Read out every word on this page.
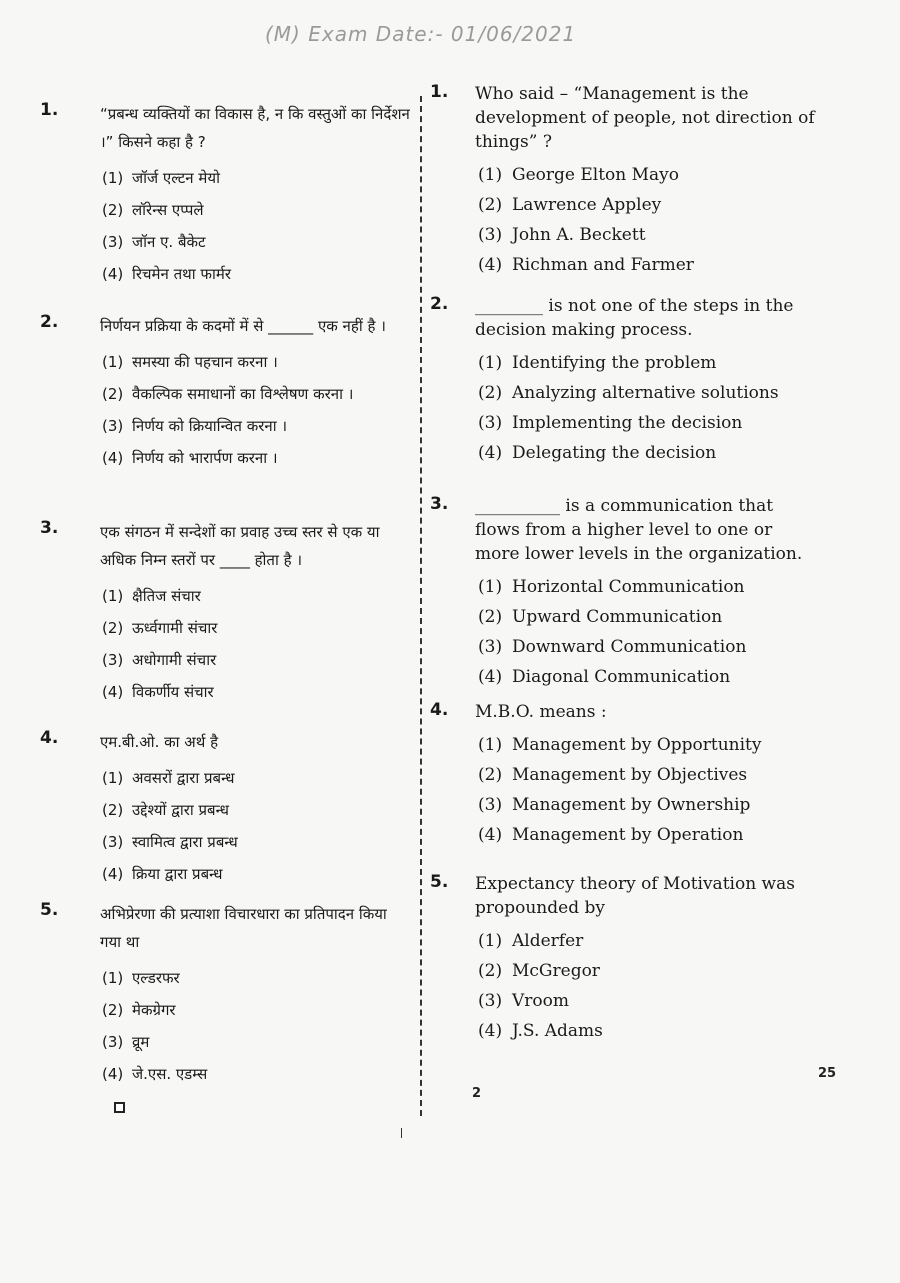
(M) Exam Date:- 01/06/2021
1.	“प्रबन्ध व्यक्तियों का विकास है, न कि वस्तुओं का निर्देशन ।” किसने कहा है ?
(1) जॉर्ज एल्टन मेयो
(2) लॉरेन्स एप्पले
(3) जॉन ए. बैकेट
(4) रिचमेन तथा फार्मर
2.	निर्णयन प्रक्रिया के कदमों में से ______ एक नहीं है ।
(1) समस्या की पहचान करना ।
(2) वैकल्पिक समाधानों का विश्लेषण करना ।
(3) निर्णय को क्रियान्वित करना ।
(4) निर्णय को भारार्पण करना ।
3.	एक संगठन में सन्देशों का प्रवाह उच्च स्तर से एक या अधिक निम्न स्तरों पर ____ होता है ।
(1) क्षैतिज संचार
(2) ऊर्ध्वगामी संचार
(3) अधोगामी संचार
(4) विकर्णीय संचार
4.	एम.बी.ओ. का अर्थ है
(1) अवसरों द्वारा प्रबन्ध
(2) उद्देश्यों द्वारा प्रबन्ध
(3) स्वामित्व द्वारा प्रबन्ध
(4) क्रिया द्वारा प्रबन्ध
5.	अभिप्रेरणा की प्रत्याशा विचारधारा का प्रतिपादन किया गया था
(1) एल्डरफर
(2) मेकग्रेगर
(3) व्रूम
(4) जे.एस. एडम्स
1. Who said – “Management is the development of people, not direction of things” ?
(1) George Elton Mayo
(2) Lawrence Appley
(3) John A. Beckett
(4) Richman and Farmer
2. ________ is not one of the steps in the decision making process.
(1) Identifying the problem
(2) Analyzing alternative solutions
(3) Implementing the decision
(4) Delegating the decision
3. __________ is a communication that flows from a higher level to one or more lower levels in the organization.
(1) Horizontal Communication
(2) Upward Communication
(3) Downward Communication
(4) Diagonal Communication
4. M.B.O. means :
(1) Management by Opportunity
(2) Management by Objectives
(3) Management by Ownership
(4) Management by Operation
5. Expectancy theory of Motivation was propounded by
(1) Alderfer
(2) McGregor
(3) Vroom
(4) J.S. Adams
2
25
